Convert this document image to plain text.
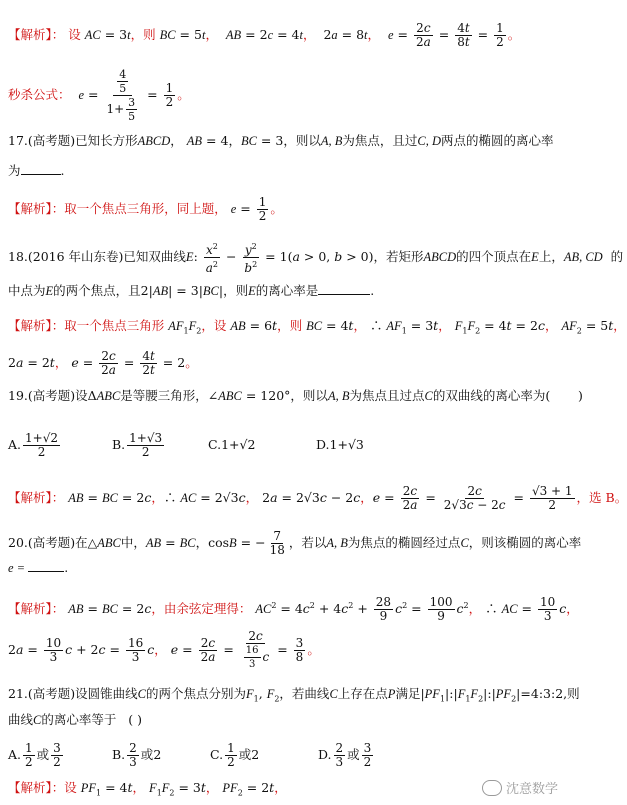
【解析】： 设 AC = 3t，则 BC = 5t， AB = 2c = 4t，  2a = 8t， $e = \frac{2c}{2a} = \frac{4t}{8t} = \frac{1}{2}$ 。
秒杀公式： $e = \frac{\frac{4}{5}}{1+ \frac{3}{5}} = \frac{1}{2}$ 。
17.(高考题)已知长方形ABCD， AB = 4，BC = 3，则以A, B为焦点，且过C, D两点的椭圆的离心率
为	.
【解析】：取一个焦点三角形，同上题， $e = \frac{1}{2}$ 。
18.(2016 年山东卷)已知双曲线E: $\frac{x^2}{a^2} - \frac{y^2}{b^2} = 1(a > 0$, b > 0)，若矩形ABCD的四个顶点在E上，AB, CD 的
中点为E的两个焦点，且2|AB| = 3|BC|，则E的离心率是	.
【解析】：取一个焦点三角形 $AF_1F_2$，设 AB = 6t，则 BC = 4t， ∴ $AF_1 = 3t$， $F_1F_2 = 4t = 2c$， $AF_2 = 5t$，
2a = 2t， $e = \frac{2c}{2a} = \frac{4t}{2t} = 2$。
19.(高考题)设ΔABC是等腰三角形，∠ABC = 120°，则以A, B为焦点且过点C的双曲线的离心率为( )
A. $\frac{1+√2}{2}$	B. $\frac{1+√3}{2}$	C.1+√2	D.1+√3
【解析】： AB = BC = 2c，∴ AC = 2√3c， 2a = 2√3c − 2c，$e = \frac{2c}{2a} = \frac{2c}{2√3c - 2c} = \frac{√3 + 1}{2}$ ，选 B。
20.(高考题)在△ABC中，AB = BC，cosB = − $\frac{7}{18}$ ，若以A, B为焦点的椭圆经过点C，则该椭圆的离心率
e =	.
【解析】： AB = BC = 2c，由余弦定理得： $AC^2 = 4c^2 + 4c^2 + \frac{28}{9} c^2 = \frac{100}{9} c^2$， ∴ AC = $\frac{10}{3}$ c，
$2a = \frac{10}{3}$ $c + 2c = \frac{16}{3}$ c， $e = \frac{2c}{2a} = \frac{2c}{\frac{16}{3} c} = \frac{3}{8}$ 。
21.(高考题)设圆锥曲线C的两个焦点分别为$F_1$, $F_2$，若曲线C上存在点P满足$|PF_1|:|F_1F_2|:|PF_2|=4:3:2$,则
曲线C的离心率等于 ( )
A. $\frac{1}{2}$ 或 $\frac{3}{2}$	B. $\frac{2}{3}$ 或2	C. $\frac{1}{2}$ 或2	D. $\frac{2}{3}$ 或 $\frac{3}{2}$
【解析】：设 $PF_1 = 4t$， $F_1F_2 = 3t$， $PF_2 = 2t$，	沈意数学
